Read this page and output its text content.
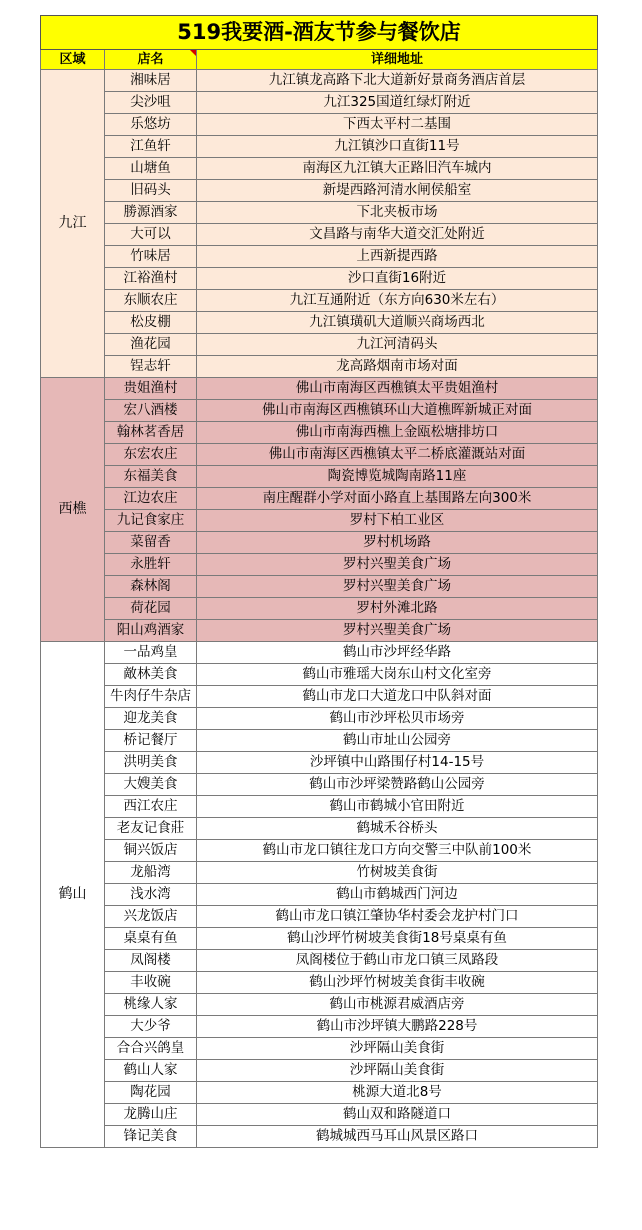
519我要酒-酒友节参与餐饮店		
区域	店名	详细地址
九江	湘味居	九江镇龙高路下北大道新好景商务酒店首层
	尖沙咀	九江325国道红绿灯附近
	乐悠坊	下西太平村二基围
	江鱼轩	九江镇沙口直街11号
	山塘鱼	南海区九江镇大正路旧汽车城内
	旧码头	新堤西路河清水闸侯船室
	勝源酒家	下北夹板市场
	大可以	文昌路与南华大道交汇处附近
	竹味居	上西新提西路
	江裕渔村	沙口直街16附近
	东顺农庄	九江互通附近（东方向630米左右）
	松皮棚	九江镇璜矶大道顺兴商场西北
	渔花园	九江河清码头
	锃志轩	龙高路烟南市场对面
西樵	贵姐渔村	佛山市南海区西樵镇太平贵姐渔村
	宏八酒楼	佛山市南海区西樵镇环山大道樵晖新城正对面
	翰林茗香居	佛山市南海西樵上金瓯松塘排坊口
	东宏农庄	佛山市南海区西樵镇太平二桥底灌溉站对面
	东福美食	陶瓷博览城陶南路11座
	江边农庄	南庄醒群小学对面小路直上基围路左向300米
	九记食家庄	罗村下柏工业区
	菜留香	罗村机场路
	永胜轩	罗村兴聖美食广场
	森林阁	罗村兴聖美食广场
	荷花园	罗村外滩北路
	阳山鸡酒家	罗村兴聖美食广场
鹤山	一品鸡皇	鹤山市沙坪经华路
	敵林美食	鹤山市雅瑶大岗东山村文化室旁
	牛肉仔牛杂店	鹤山市龙口大道龙口中队斜对面
	迎龙美食	鹤山市沙坪松贝市场旁
	桥记餐厅	鹤山市址山公园旁
	洪明美食	沙坪镇中山路围仔村14-15号
	大嫂美食	鹤山市沙坪梁赞路鹤山公园旁
	西江农庄	鹤山市鹤城小官田附近
	老友记食莊	鹤城禾谷桥头
	铜兴饭店	鹤山市龙口镇往龙口方向交警三中队前100米
	龙船湾	竹树坡美食街
	浅水湾	鹤山市鹤城西门河边
	兴龙饭店	鹤山市龙口镇江肇协华村委会龙护村门口
	桌桌有鱼	鹤山沙坪竹树坡美食街18号桌桌有鱼
	凤阁楼	凤阁楼位于鹤山市龙口镇三凤路段
	丰收碗	鹤山沙坪竹树坡美食街丰收碗
	桃缘人家	鹤山市桃源君威酒店旁
	大少爷	鹤山市沙坪镇大鹏路228号
	合合兴鸽皇	沙坪隔山美食街
	鹤山人家	沙坪隔山美食街
	陶花园	桃源大道北8号
	龙腾山庄	鹤山双和路隧道口
	锋记美食	鹤城城西马耳山风景区路口
